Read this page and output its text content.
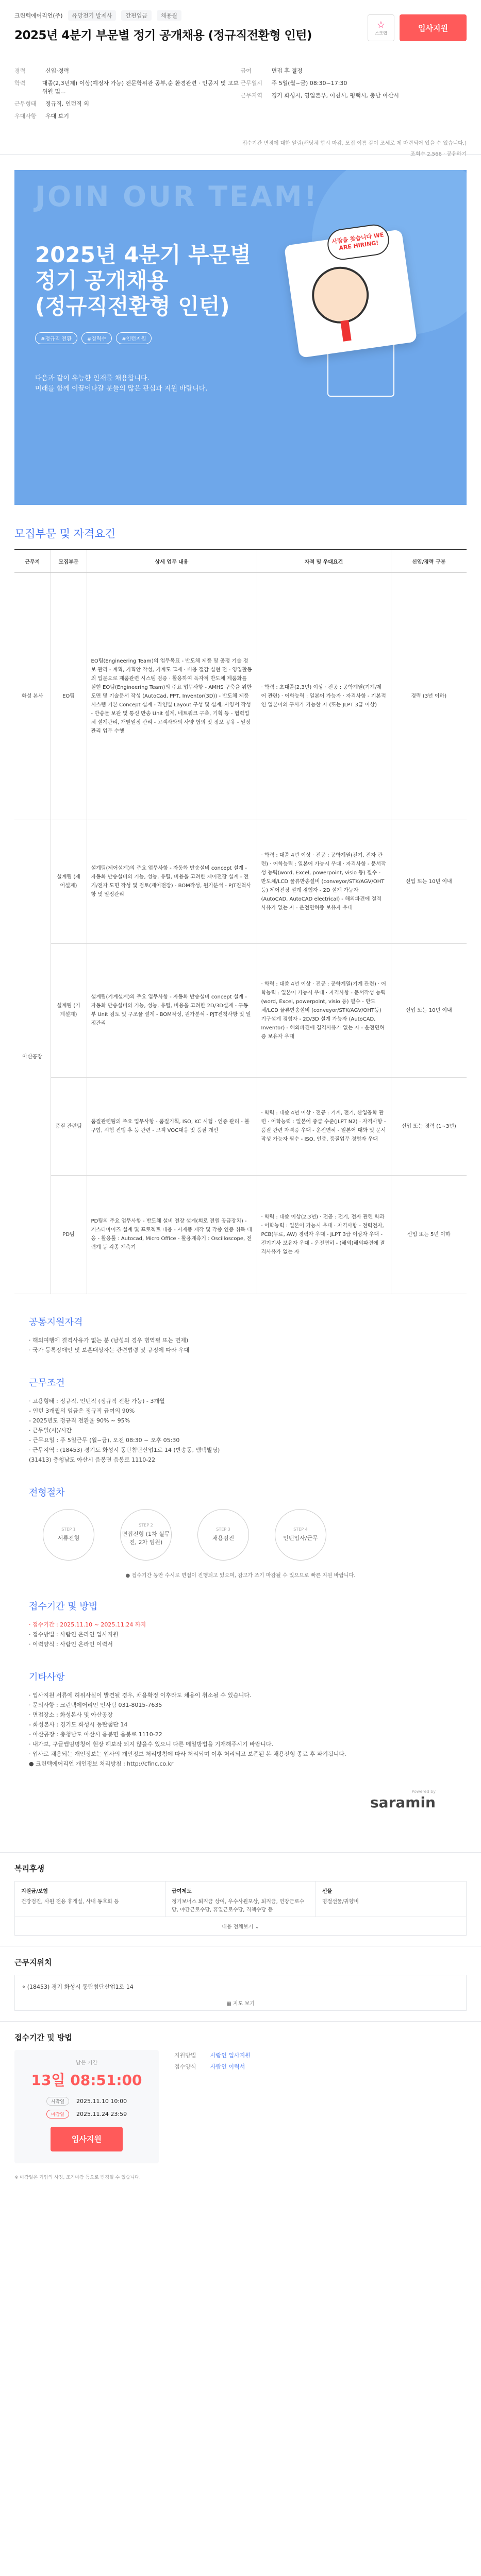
크린텍에어리언(주)	유망전기 발제사	간편입금	채용월
2025년 4분기 부문별 정기 공개채용 (정규직전환형 인턴)
☆
스크랩
입사지원
경력	신입·경력
학력	대졸(2,3년제) 이상(예정자 가능) 전문학위관 공부,순 환경관련 · 인공지 및 고보 위원 및...
근무형태	정규직, 인턴직 외
우대사항	우대 보기
급여	면접 후 결정
근무일시	주 5일(월~금) 08:30~17:30
근무지역	경기 화성시, 영업본부, 이천시, 평택시, 충남 아산시
접수기간 변경에 대한 알림(해당체 합시 마감, 모집 이름 같이 조세로 제 마련되어 있을 수 있습니다.)
조회수 2,566 · 공유하기
JOIN OUR TEAM!
2025년 4분기 부문별
정기 공개채용
(정규직전환형 인턴)
#정규직 전환	#경력수	#인턴지원
다음과 같이 유능한 인재를 채용합니다.
미래를 함께 이끌어나갈 분들의 많은 관심과 지원 바랍니다.
사람을 찾습니다 WE ARE HIRING!
모집부문 및 자격요건
근무지	모집부문	상세 업무 내용	자격 및 우대요건	신입/경력 구분
화성 본사	EO팀	EO팀(Engineering Team)의 업무목표 - 반도체 제품 및 공정 기술 정보 관리 - 계획, 기획안 작성, 기계도 교재 · 비용 절감 실현 전 - 영업활동의 입문으로 제품관련 시스템 검증 · 활용하여 독자적 반도체 제품화를 실현 EO팀(Engineering Team)의 주요 업무사항 - AMHS 구축을 위한 도면 및 기술문서 작성 (AutoCad, PPT, Inventor(3D)) - 반도체 제품 시스템 기본 Concept 설계 - 라인별 Layout 구성 및 설계, 사양서 작성 - 반송물 보관 및 통신 반송 Unit 설계, 네트워크 구축, 기획 등 - 협력업체 설계관리, 개발일정 관리 - 고객사와의 사양 협의 및 정보 공유 - 일정 관리 업무 수행	· 학력 : 초대졸(2,3년) 이상 · 전공 : 공학계열(기계/제어 관련) · 어학능력 : 일본어 가능자 · 자격사항 - 기본적인 일본어의 구사가 가능한 자 (또는 JLPT 3급 이상)	경력 (3년 이하)
아산공장	설계팀 (제어설계)	설계팀(제어설계)의 주요 업무사항 - 자동화 반송설비 concept 설계 - 자동화 반송설비의 기능, 성능, 유틸, 비용을 고려한 제어전장 설계 - 전기/전자 도면 작성 및 검토(제어전장) - BOM작성, 원가분석 - PJT진척사항 및 일정관리	· 학력 : 대졸 4년 이상 · 전공 : 공학계열(전기, 전자 관련) · 어학능력 : 일본어 가능시 우대 · 자격사항 - 문서작성 능력(word, Excel, powerpoint, visio 등) 필수 - 반도체/LCD 물류반송설비 (conveyor/STK/AGV/OHT등) 제어전장 설계 경험자 - 2D 설계 가능자 (AutoCAD, AutoCAD electrical) - 해외파견에 결격사유가 없는 자 - 운전면허증 보유자 우대	신입 또는 10년 이내
	설계팀 (기계설계)	설계팀(기계설계)의 주요 업무사항 - 자동화 반송설비 concept 설계 - 자동화 반송설비의 기능, 성능, 유틸, 비용을 고려한 2D/3D설계 - 구동부 Unit 검토 및 구조물 설계 - BOM작성, 원가분석 - PJT진척사항 및 일정관리	· 학력 : 대졸 4년 이상 · 전공 : 공학계열(기계 관련) · 어학능력 : 일본어 가능시 우대 · 자격사항 - 문서작성 능력(word, Excel, powerpoint, visio 등) 필수 - 반도체/LCD 물류반송설비 (conveyor/STK/AGV/OHT등) 기구설계 경험자 - 2D/3D 설계 가능자 (AutoCAD, Inventor) - 해외파견에 결격사유가 없는 자 - 운전면허증 보유자 우대	신입 또는 10년 이내
	품질 관련팀	품질관련팀의 주요 업무사항 - 품질기획, ISO, KC 시험 · 인증 관리 - 불구합, 시험 진행 후 등 관련 - 고객 VOC대응 및 품질 개선	· 학력 : 대졸 4년 이상 · 전공 : 기계, 전기, 산업공학 관련 · 어학능력 : 일본어 중급 수준(JLPT N2) · 자격사항 - 품질 관련 자격증 우대 - 운전면허 - 일본어 대화 및 문서작성 가능자 필수 - ISO, 인증, 품질업무 경험자 우대	신입 또는 경력 (1~3년)
	PD팀	PD팀의 주요 업무사항 - 반도체 설비 전장 설계(회로 전원 공급장치) - 커스터마이즈 설계 및 프로젝트 대응 - 시제품 제작 및 각종 인증 취득 대응 - 활용툴 : Autocad, Micro Office - 활용계측기 : Oscilloscope, 전력계 등 각종 계측기	· 학력 : 대졸 이상(2,3년) · 전공 : 전기, 전자 관련 학과 · 어학능력 : 일본어 가능시 우대 · 자격사항 - 전력전자, PCB(무료, AW) 경력자 우대 - JLPT 3급 이상자 우대 - 전기기사 보유자 우대 - 운전면허 - (해외)해외파견에 결격사유가 없는 자	신입 또는 5년 이하
공통지원자격
· 해외여행에 결격사유가 없는 분 (남성의 경우 병역필 또는 면제)
· 국가 등록장애인 및 보훈대상자는 관련법령 및 규정에 따라 우대
근무조건
· 고용형태 : 정규직, 인턴직 (정규직 전환 가능) - 3개월
- 인턴 3개월의 임금은 정규직 급여의 90%
- 2025년도 정규직 전환율 90% ~ 95%
· 근무일(시)/시간
- 근무요일 : 주 5일근무 (월~금), 오전 08:30 ~ 오후 05:30
· 근무지역 : (18453) 경기도 화성시 동탄첨단산업1로 14 (반송동, 엠텍빌딩)
(31413) 충청남도 아산시 음봉면 음봉로 1110-22
전형절차
STEP 1
서류전형
STEP 2
면접전형 (1차 실무진, 2차 임원)
STEP 3
채용검진
STEP 4
인턴입사/근무
● 접수기간 동안 수시로 면접이 진행되고 있으며, 감고가 조기 마감될 수 있으므로 빠른 지원 바랍니다.
접수기간 및 방법
· 접수기간 : 2025.11.10 ~ 2025.11.24 까지
· 접수방법 : 사람인 온라인 입사지원
· 이력양식 : 사람인 온라인 이력서
기타사항
· 입사지원 서류에 허위사실이 발견될 경우, 채용확정 이후라도 채용이 취소될 수 있습니다.
· 문의사항 : 크린텍에어리언 인사팀 031-8015-7635
· 면접장소 : 화성본사 및 아산공장
- 화성본사 : 경기도 화성시 동탄첨단 14
- 아산공장 : 충청남도 아산시 음봉면 음봉로 1110-22
· 내가보, 구글맵밈명칭이 현장 헤보작 되지 않을수 있으니 다른 메일방법을 기재해주시기 바랍니다.
· 입사로 채용되는 개인정보는 입사의 개인정보 처리방침에 따라 처리되며 이후 처리되고 보존된 본 채용전형 종료 후 파기됩니다.
● 크린텍에어리언 개인정보 처리방침 : http://cfinc.co.kr
Powered by
saramin
복리후생
지원금/보험
건강검진, 사원 전용 휴게실, 사내 동호회 등
급여제도
정기보너스 퇴직금 상여, 우수사원포상, 퇴직금, 연장근로수당, 야간근로수당, 휴일근로수당, 직책수당 등
선물
명절선물/귀향비
내용 전체보기 ⌄
근무지위치
⌖ (18453) 경기 화성시 동탄첨단산업1로 14
▦ 지도 보기
접수기간 및 방법
남은 기간
13일 08:51:00
시작일	2025.11.10 10:00
마감일	2025.11.24 23:59
입사지원
지원방법 사람인 입사지원
접수양식 사람인 이력서
※ 마감일은 기업의 사정, 조기마감 등으로 변경될 수 있습니다.
